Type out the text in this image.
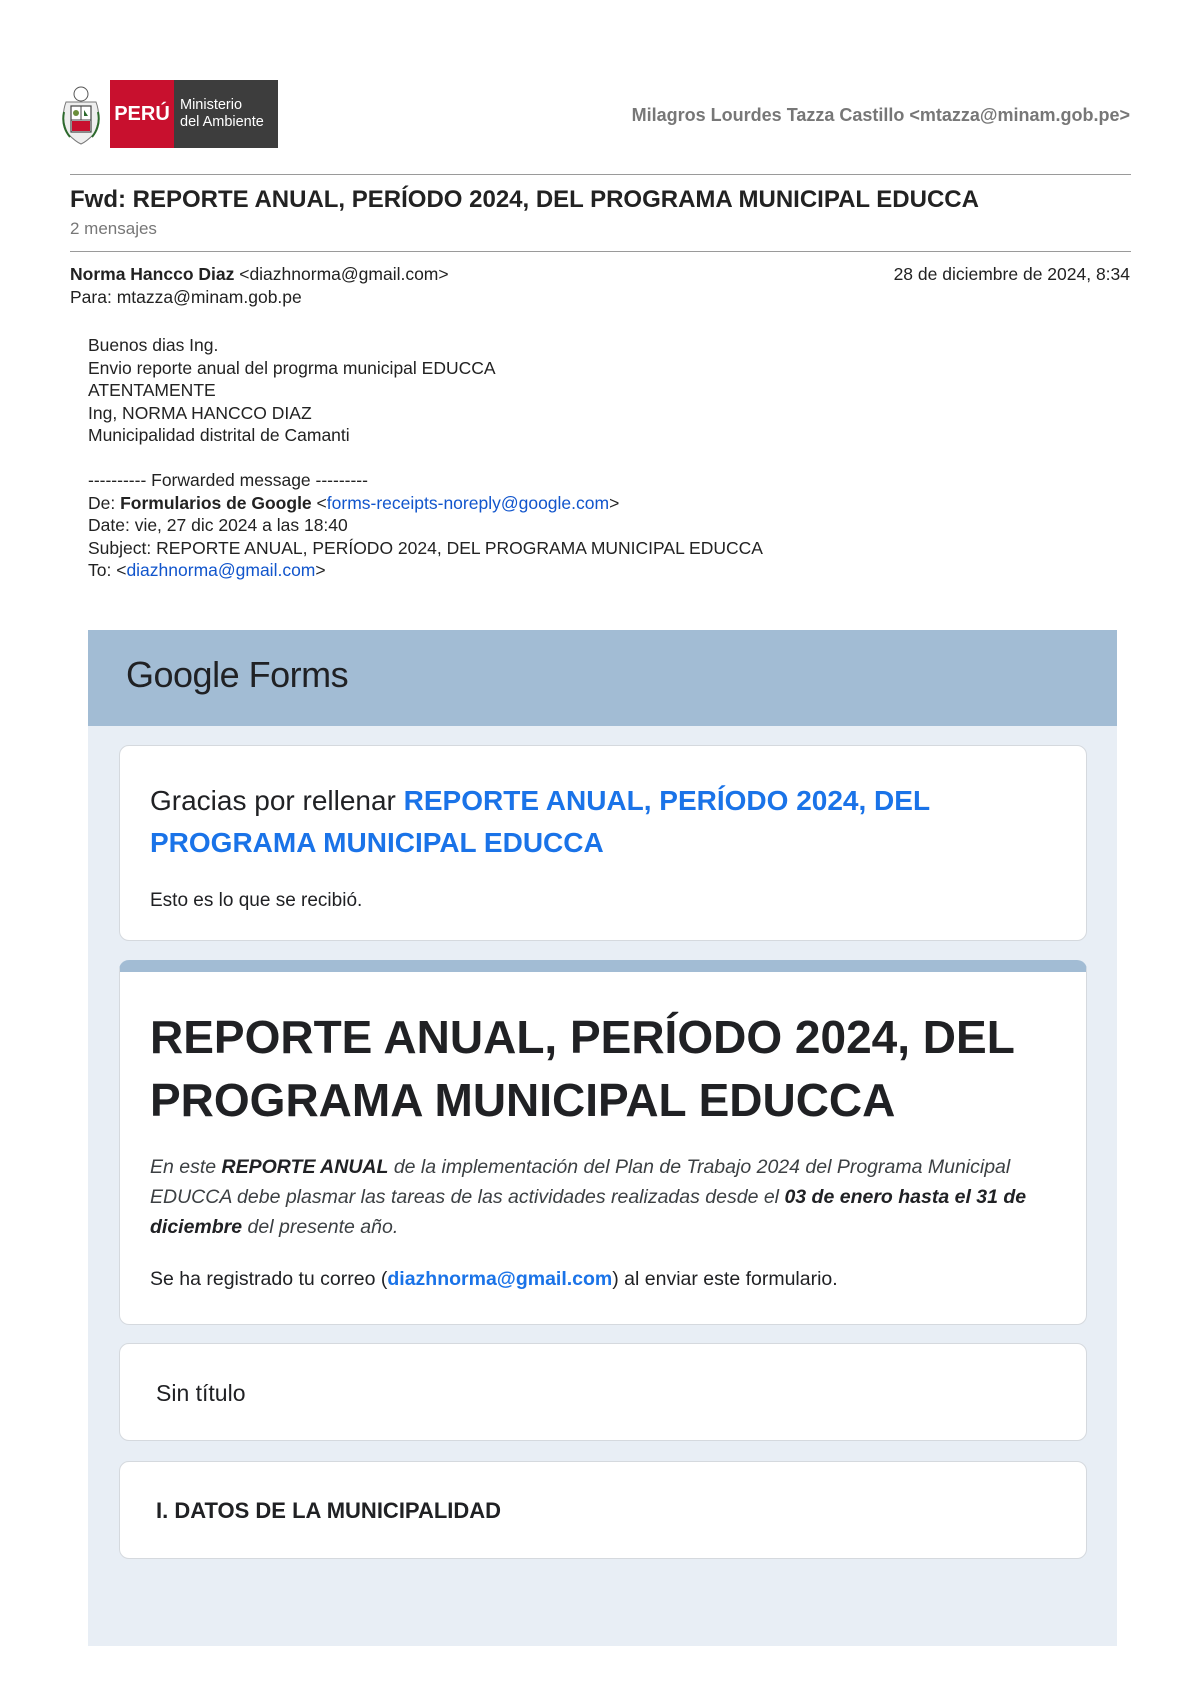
PERÚ Ministerio
del Ambiente	Milagros Lourdes Tazza Castillo <mtazza@minam.gob.pe>
Fwd: REPORTE ANUAL, PERÍODO 2024, DEL PROGRAMA MUNICIPAL EDUCCA
2 mensajes
Norma Hancco Diaz <diazhnorma@gmail.com>	28 de diciembre de 2024, 8:34
Para: mtazza@minam.gob.pe
Buenos dias Ing.
Envio reporte anual del progrma municipal EDUCCA
ATENTAMENTE
Ing, NORMA HANCCO DIAZ
Municipalidad distrital de Camanti
---------- Forwarded message ---------
De: Formularios de Google <forms-receipts-noreply@google.com>
Date: vie, 27 dic 2024 a las 18:40
Subject: REPORTE ANUAL, PERÍODO 2024, DEL PROGRAMA MUNICIPAL EDUCCA
To: <diazhnorma@gmail.com>
Google Forms
Gracias por rellenar REPORTE ANUAL, PERÍODO 2024, DEL PROGRAMA MUNICIPAL EDUCCA
Esto es lo que se recibió.
REPORTE ANUAL, PERÍODO 2024, DEL PROGRAMA MUNICIPAL EDUCCA
En este REPORTE ANUAL de la implementación del Plan de Trabajo 2024 del Programa Municipal EDUCCA debe plasmar las tareas de las actividades realizadas desde el 03 de enero hasta el 31 de diciembre del presente año.
Se ha registrado tu correo (diazhnorma@gmail.com) al enviar este formulario.
Sin título
I. DATOS DE LA MUNICIPALIDAD
